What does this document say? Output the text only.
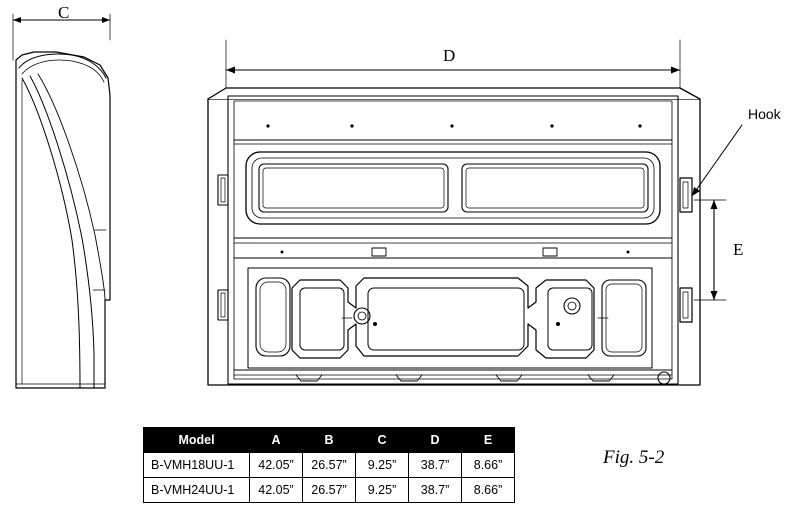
C
D
E
Hook
Fig. 5-2
Model	A	B	C	D	E
B-VMH18UU-1	42.05”	26.57”	9.25”	38.7”	8.66”
B-VMH24UU-1	42.05”	26.57”	9.25”	38.7”	8.66”
